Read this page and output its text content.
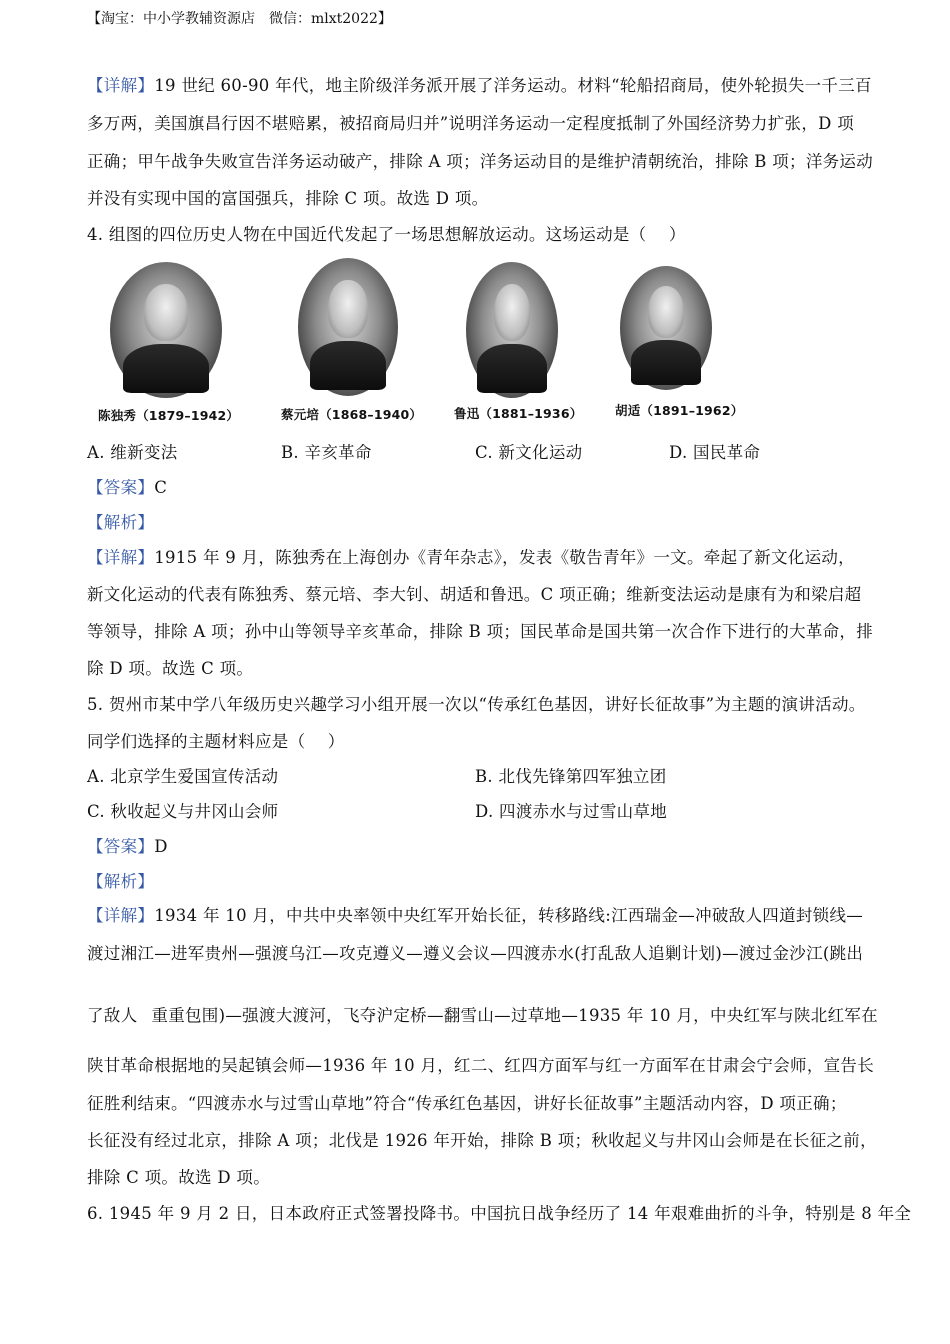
【淘宝：中小学教辅资源店　微信：mlxt2022】
【详解】19 世纪 60-90 年代，地主阶级洋务派开展了洋务运动。材料“轮船招商局，使外轮损失一千三百
多万两，美国旗昌行因不堪赔累，被招商局归并”说明洋务运动一定程度抵制了外国经济势力扩张，D 项
正确；甲午战争失败宣告洋务运动破产，排除 A 项；洋务运动目的是维护清朝统治，排除 B 项；洋务运动
并没有实现中国的富国强兵，排除 C 项。故选 D 项。
4. 组图的四位历史人物在中国近代发起了一场思想解放运动。这场运动是（　 ）
陈独秀（1879–1942）	蔡元培（1868–1940）	鲁迅（1881–1936）	胡适（1891–1962）
A. 维新变法	B. 辛亥革命	C. 新文化运动	D. 国民革命
【答案】C
【解析】
【详解】1915 年 9 月，陈独秀在上海创办《青年杂志》，发表《敬告青年》一文。牵起了新文化运动，
新文化运动的代表有陈独秀、蔡元培、李大钊、胡适和鲁迅。C 项正确；维新变法运动是康有为和梁启超
等领导，排除 A 项；孙中山等领导辛亥革命，排除 B 项；国民革命是国共第一次合作下进行的大革命，排
除 D 项。故选 C 项。
5. 贺州市某中学八年级历史兴趣学习小组开展一次以“传承红色基因，讲好长征故事”为主题的演讲活动。
同学们选择的主题材料应是（　 ）
A. 北京学生爱国宣传活动	B. 北伐先锋第四军独立团
C. 秋收起义与井冈山会师	D. 四渡赤水与过雪山草地
【答案】D
【解析】
【详解】1934 年 10 月，中共中央率领中央红军开始长征，转移路线:江西瑞金—冲破敌人四道封锁线—
渡过湘江—进军贵州—强渡乌江—攻克遵义—遵义会议—四渡赤水(打乱敌人追剿计划)—渡过金沙江(跳出
了敌人 重重包围)—强渡大渡河，飞夺沪定桥—翻雪山—过草地—1935 年 10 月，中央红军与陕北红军在
陕甘革命根据地的吴起镇会师—1936 年 10 月，红二、红四方面军与红一方面军在甘肃会宁会师，宣告长
征胜利结束。“四渡赤水与过雪山草地”符合“传承红色基因，讲好长征故事”主题活动内容，D 项正确；
长征没有经过北京，排除 A 项；北伐是 1926 年开始，排除 B 项；秋收起义与井冈山会师是在长征之前，
排除 C 项。故选 D 项。
6. 1945 年 9 月 2 日，日本政府正式签署投降书。中国抗日战争经历了 14 年艰难曲折的斗争，特别是 8 年全
